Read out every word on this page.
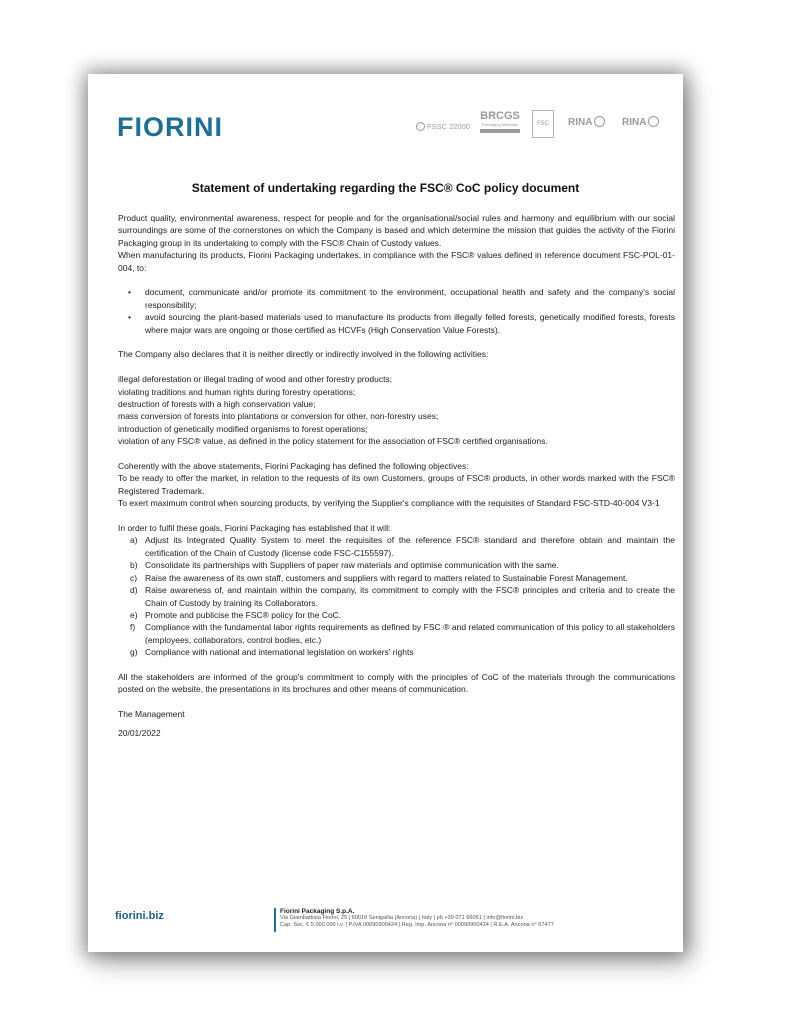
FIORINI	FSSC 22000
BRCGS
Packaging Materials	FSC	RINA	RINA
Statement of undertaking regarding the FSC® CoC policy document

Product quality, environmental awareness, respect for people and for the organisational/social rules and harmony and equilibrium with our social surroundings are some of the cornerstones on which the Company is based and which determine the mission that guides the activity of the Fiorini Packaging group in its undertaking to comply with the FSC® Chain of Custody values.

When manufacturing its products, Fiorini Packaging undertakes, in compliance with the FSC® values defined in reference document FSC-POL-01-004, to:

• document, communicate and/or promote its commitment to the environment, occupational health and safety and the company's social responsibility;
• avoid sourcing the plant-based materials used to manufacture its products from illegally felled forests, genetically modified forests, forests where major wars are ongoing or those certified as HCVFs (High Conservation Value Forests).

The Company also declares that it is neither directly or indirectly involved in the following activities:

illegal deforestation or illegal trading of wood and other forestry products;

violating traditions and human rights during forestry operations;

destruction of forests with a high conservation value;

mass conversion of forests into plantations or conversion for other, non-forestry uses;

introduction of genetically modified organisms to forest operations;

violation of any FSC® value, as defined in the policy statement for the association of FSC® certified organisations.

Coherently with the above statements, Fiorini Packaging has defined the following objectives:

To be ready to offer the market, in relation to the requests of its own Customers, groups of FSC® products, in other words marked with the FSC® Registered Trademark.

To exert maximum control when sourcing products, by verifying the Supplier's compliance with the requisites of Standard FSC-STD-40-004 V3-1

In order to fulfil these goals, Fiorini Packaging has established that it will:

a) Adjust its Integrated Quality System to meet the requisites of the reference FSC® standard and therefore obtain and maintain the certification of the Chain of Custody (license code FSC-C155597).
b) Consolidate its partnerships with Suppliers of paper raw materials and optimise communication with the same.
c) Raise the awareness of its own staff, customers and suppliers with regard to matters related to Sustainable Forest Management.
d) Raise awareness of, and maintain within the company, its commitment to comply with the FSC® principles and criteria and to create the Chain of Custody by training its Collaborators.
e) Promote and publicise the FSC® policy for the CoC.
f) Compliance with the fundamental labor rights requirements as defined by FSC ® and related communication of this policy to all stakeholders (employees, collaborators, control bodies, etc.)
g) Compliance with national and international legislation on workers' rights

All the stakeholders are informed of the group's commitment to comply with the principles of CoC of the materials through the communications posted on the website, the presentations in its brochures and other means of communication.

The Management

20/01/2022

fiorini.biz	Fiorini Packaging S.p.A.
Via Giambattista Fiorini, 25 | 60019 Senigallia (Ancona) | Italy | ph +39 071 66061 | info@fiorini.biz
Cap. Soc. € 5.000.000 i.v. | P.IVA 00090900424 | Reg. Imp. Ancona n° 00090900424 | R.E.A. Ancona n° 67477
